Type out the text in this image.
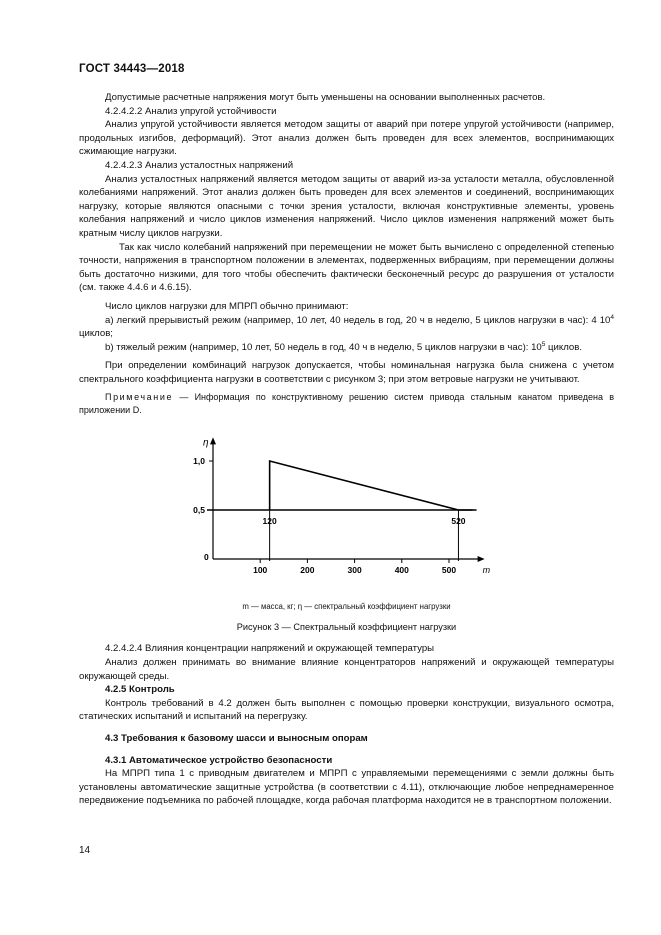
ГОСТ 34443—2018

Допустимые расчетные напряжения могут быть уменьшены на основании выполненных расчетов.

4.2.4.2.2 Анализ упругой устойчивости

Анализ упругой устойчивости является методом защиты от аварий при потере упругой устойчивости (например, продольных изгибов, деформаций). Этот анализ должен быть проведен для всех элементов, воспринимающих сжимающие нагрузки.

4.2.4.2.3 Анализ усталостных напряжений

Анализ усталостных напряжений является методом защиты от аварий из-за усталости металла, обусловленной колебаниями напряжений. Этот анализ должен быть проведен для всех элементов и соединений, воспринимающих нагрузку, которые являются опасными с точки зрения усталости, включая конструктивные элементы, уровень колебания напряжений и число циклов изменения напряжений. Число циклов изменения напряжений может быть кратным числу циклов нагрузки.

Так как число колебаний напряжений при перемещении не может быть вычислено с определенной степенью точности, напряжения в транспортном положении в элементах, подверженных вибрациям, при перемещении должны быть достаточно низкими, для того чтобы обеспечить фактически бесконечный ресурс до разрушения от усталости (см. также 4.4.6 и 4.6.15).

Число циклов нагрузки для МПРП обычно принимают:

a) легкий прерывистый режим (например, 10 лет, 40 недель в год, 20 ч в неделю, 5 циклов нагрузки в час): 4 $10^4$ циклов;

b) тяжелый режим (например, 10 лет, 50 недель в год, 40 ч в неделю, 5 циклов нагрузки в час): $10^5$ циклов.

При определении комбинаций нагрузок допускается, чтобы номинальная нагрузка была снижена с учетом спектрального коэффициента нагрузки в соответствии с рисунком 3; при этом ветровые нагрузки не учитывают.

Примечание — Информация по конструктивному решению систем привода стальным канатом приведена в приложении D.

m
η
0
100	200	300	400	500
0,5
1,0
120	520
m — масса, кг; η — спектральный коэффициент нагрузки
Рисунок 3 — Спектральный коэффициент нагрузки

4.2.4.2.4 Влияния концентрации напряжений и окружающей температуры

Анализ должен принимать во внимание влияние концентраторов напряжений и окружающей температуры окружающей среды.

4.2.5 Контроль

Контроль требований в 4.2 должен быть выполнен с помощью проверки конструкции, визуального осмотра, статических испытаний и испытаний на перегрузку.

4.3 Требования к базовому шасси и выносным опорам

4.3.1 Автоматическое устройство безопасности

На МПРП типа 1 с приводным двигателем и МПРП с управляемыми перемещениями с земли должны быть установлены автоматические защитные устройства (в соответствии с 4.11), отключающие любое непреднамеренное передвижение подъемника по рабочей площадке, когда рабочая платформа находится не в транспортном положении.

14
